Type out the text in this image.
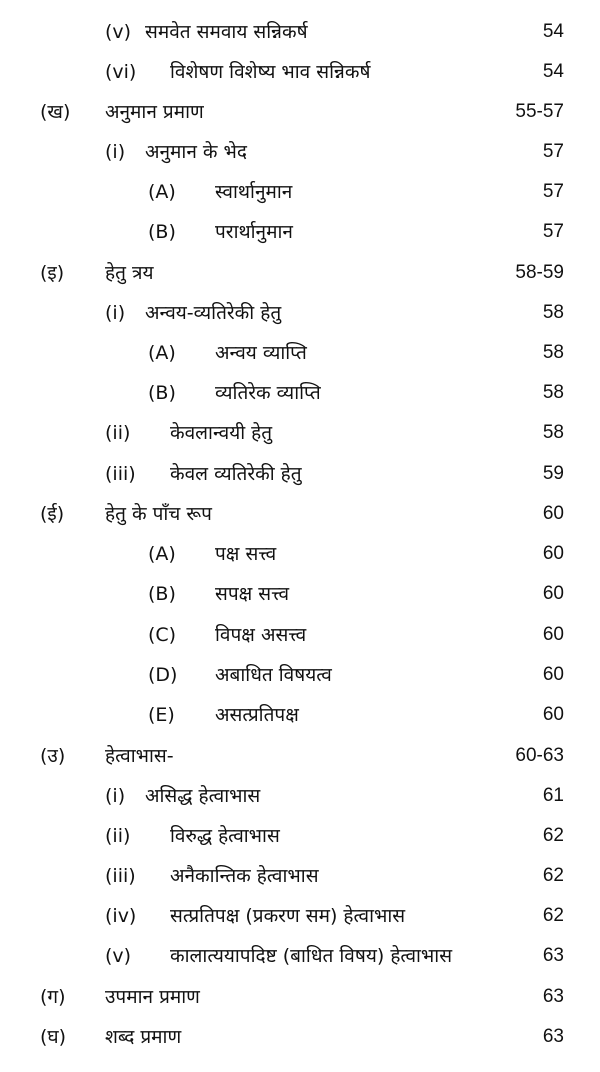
(v) समवेत समवाय सन्निकर्ष	54
(vi) विशेषण विशेष्य भाव सन्निकर्ष	54
(ख) अनुमान प्रमाण	55-57
(i) अनुमान के भेद	57
(A) स्वार्थानुमान	57
(B) परार्थानुमान	57
(इ) हेतु त्रय	58-59
(i) अन्वय-व्यतिरेकी हेतु	58
(A) अन्वय व्याप्ति	58
(B) व्यतिरेक व्याप्ति	58
(ii) केवलान्वयी हेतु	58
(iii) केवल व्यतिरेकी हेतु	59
(ई) हेतु के पाँच रूप	60
(A) पक्ष सत्त्व	60
(B) सपक्ष सत्त्व	60
(C) विपक्ष असत्त्व	60
(D) अबाधित विषयत्व	60
(E) असत्प्रतिपक्ष	60
(उ) हेत्वाभास-	60-63
(i) असिद्ध हेत्वाभास	61
(ii) विरुद्ध हेत्वाभास	62
(iii) अनैकान्तिक हेत्वाभास	62
(iv) सत्प्रतिपक्ष (प्रकरण सम) हेत्वाभास	62
(v) कालात्ययापदिष्ट (बाधित विषय) हेत्वाभास	63
(ग) उपमान प्रमाण	63
(घ) शब्द प्रमाण	63
